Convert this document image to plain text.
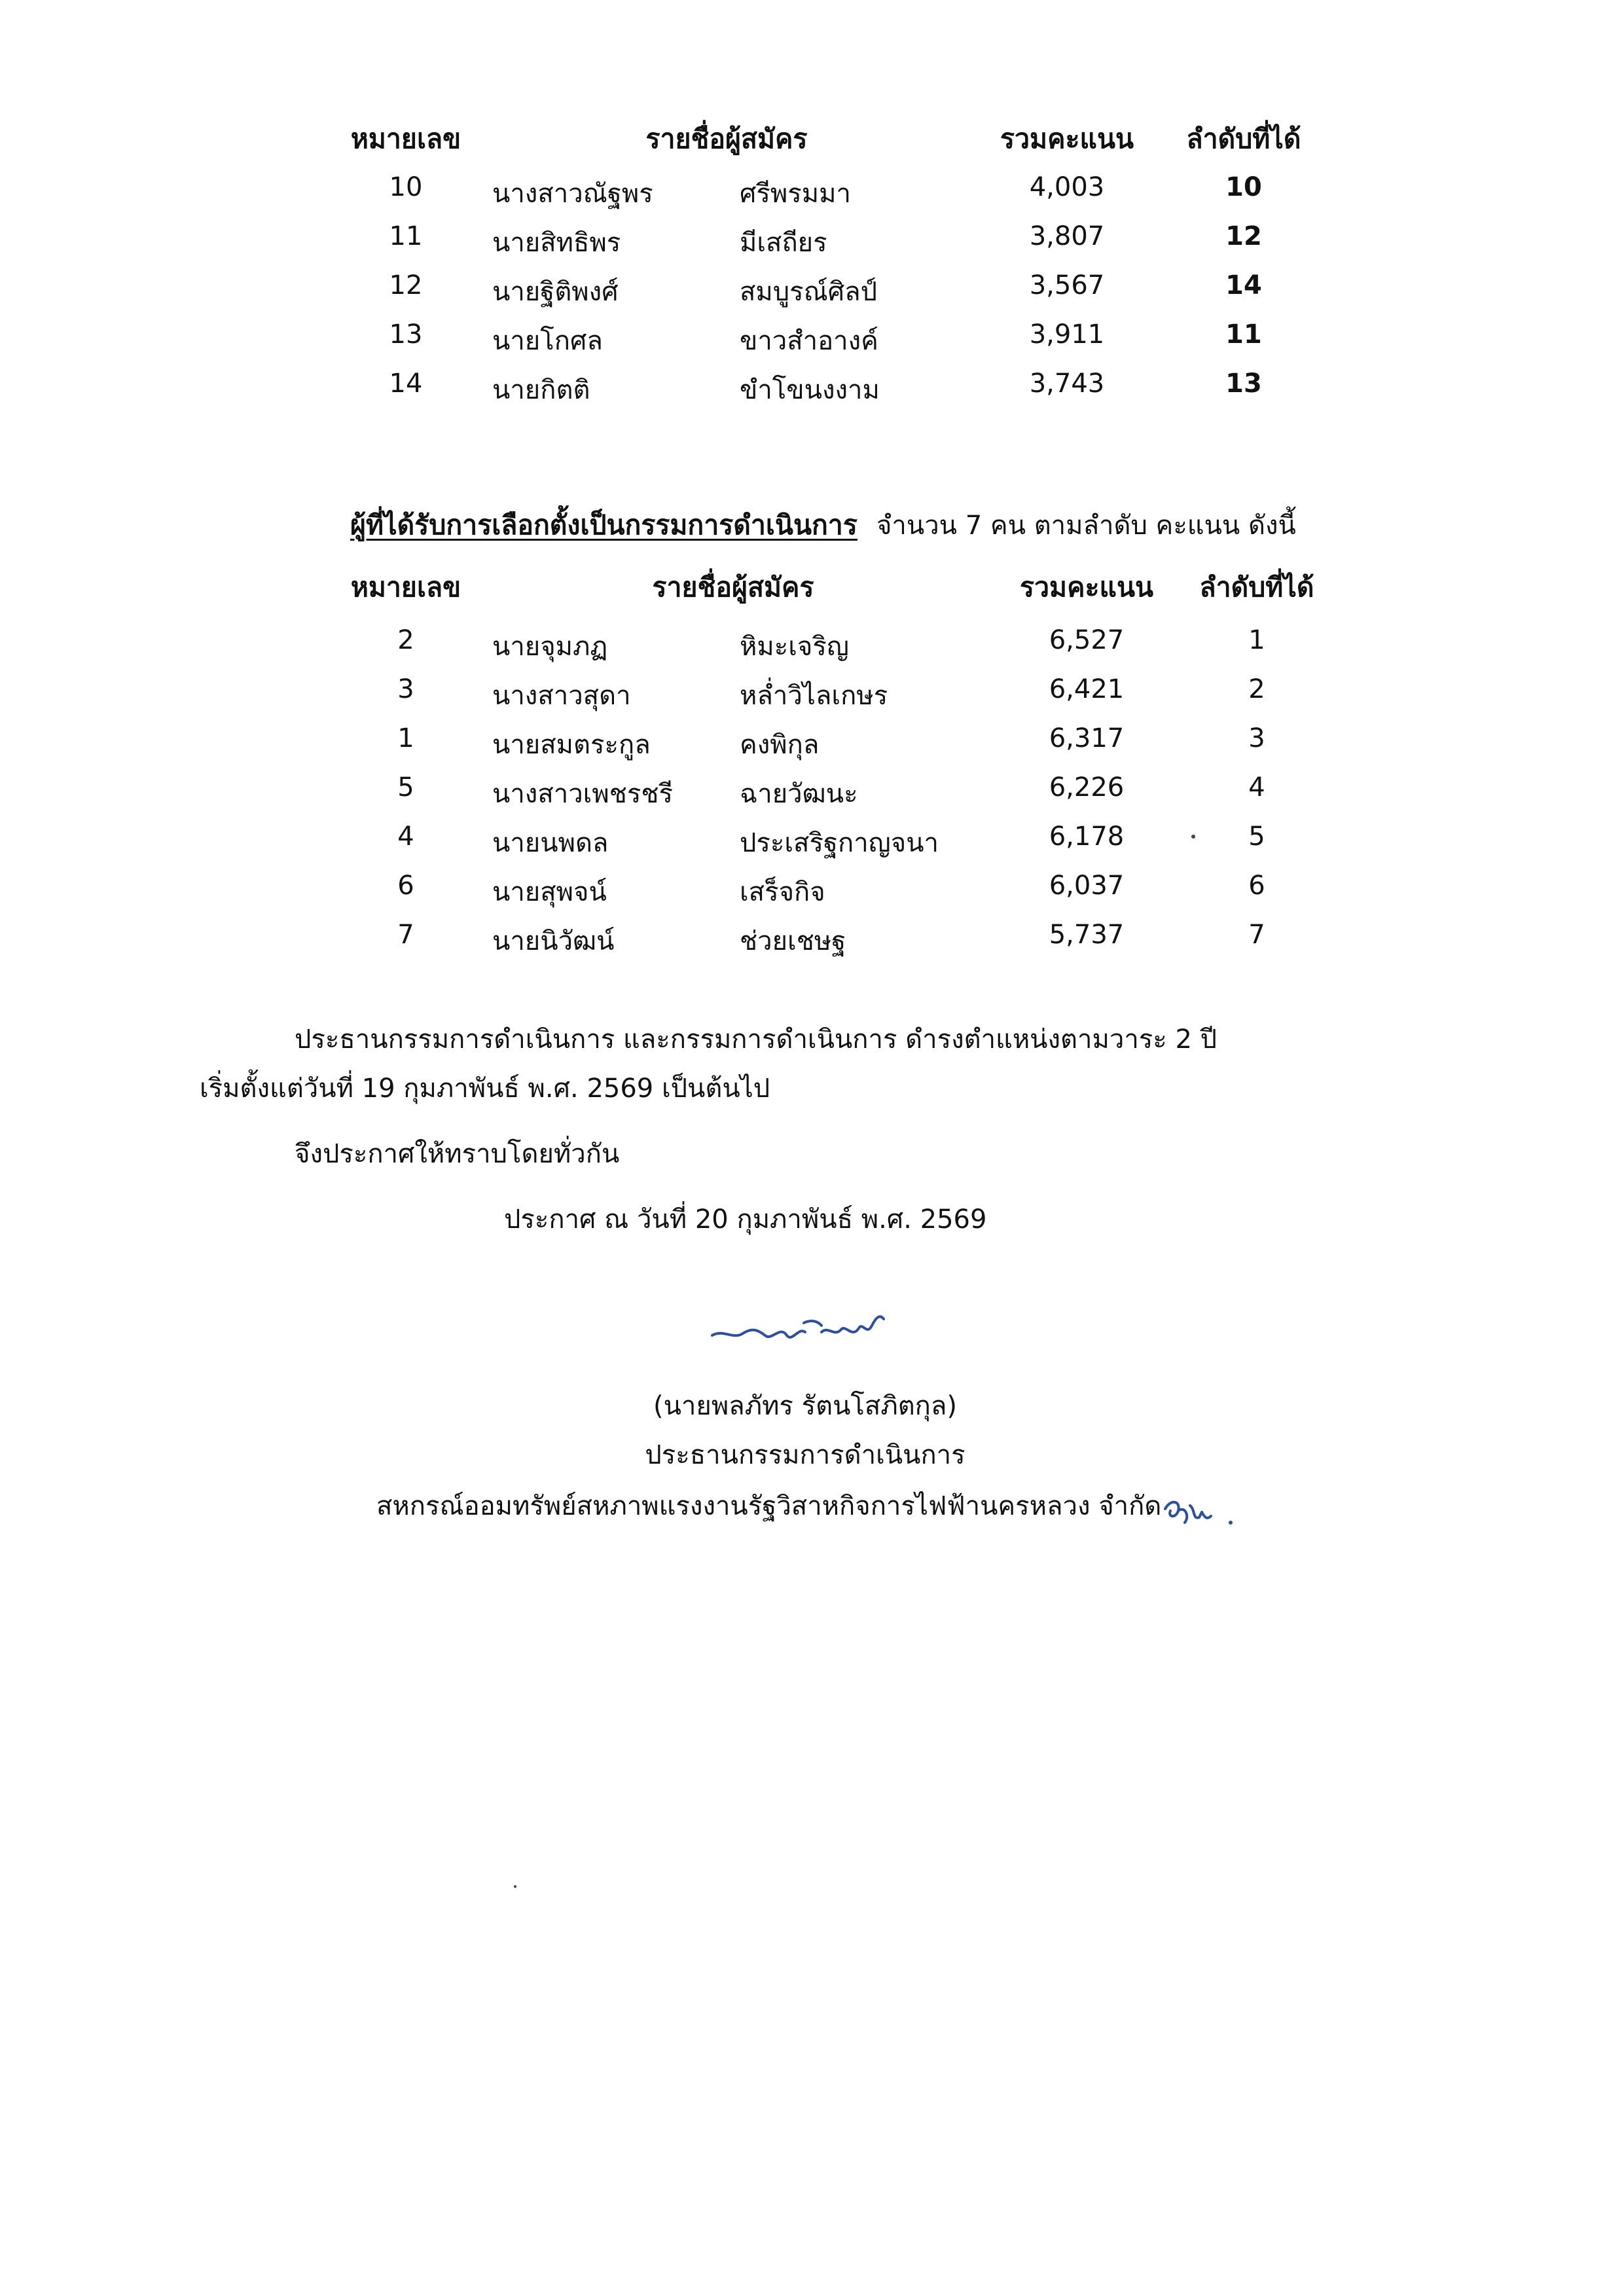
หมายเลข	รายชื่อผู้สมัคร	รวมคะแนน	ลำดับที่ได้
10	นางสาวณัฐพร	ศรีพรมมา	4,003	10
11	นายสิทธิพร	มีเสถียร	3,807	12
12	นายฐิติพงศ์	สมบูรณ์ศิลป์	3,567	14
13	นายโกศล	ขาวสำอางค์	3,911	11
14	นายกิตติ	ขำโขนงงาม	3,743	13
ผู้ที่ได้รับการเลือกตั้งเป็นกรรมการดำเนินการ จำนวน 7 คน ตามลำดับ คะแนน ดังนี้
หมายเลข	รายชื่อผู้สมัคร	รวมคะแนน	ลำดับที่ได้
2	นายจุมภฏ	หิมะเจริญ	6,527	1
3	นางสาวสุดา	หล่ำวิไลเกษร	6,421	2
1	นายสมตระกูล	คงพิกุล	6,317	3
5	นางสาวเพชรชรี	ฉายวัฒนะ	6,226	4
4	นายนพดล	ประเสริฐกาญจนา	6,178	5
6	นายสุพจน์	เสร็จกิจ	6,037	6
7	นายนิวัฒน์	ช่วยเชษฐ	5,737	7
ประธานกรรมการดำเนินการ และกรรมการดำเนินการ ดำรงตำแหน่งตามวาระ 2 ปี
เริ่มตั้งแต่วันที่ 19 กุมภาพันธ์ พ.ศ. 2569 เป็นต้นไป
จึงประกาศให้ทราบโดยทั่วกัน
ประกาศ ณ วันที่ 20 กุมภาพันธ์ พ.ศ. 2569
(นายพลภัทร รัตนโสภิตกุล)
ประธานกรรมการดำเนินการ
สหกรณ์ออมทรัพย์สหภาพแรงงานรัฐวิสาหกิจการไฟฟ้านครหลวง จำกัด
